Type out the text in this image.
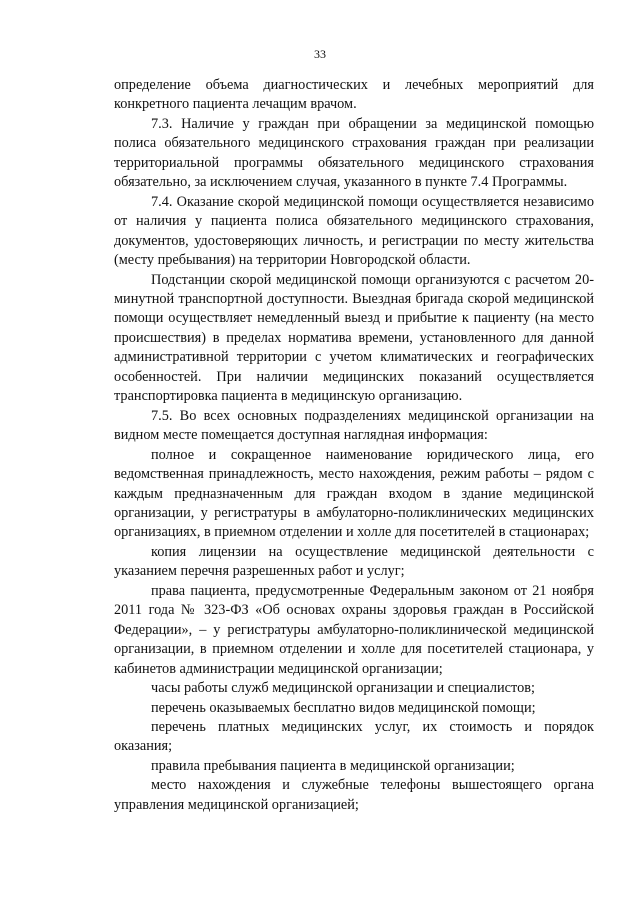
33

определение объема диагностических и лечебных мероприятий для конкретного пациента лечащим врачом.

7.3. Наличие у граждан при обращении за медицинской помощью полиса обязательного медицинского страхования граждан при реализации территориальной программы обязательного медицинского страхования обязательно, за исключением случая, указанного в пункте 7.4 Программы.

7.4. Оказание скорой медицинской помощи осуществляется независимо от наличия у пациента полиса обязательного медицинского страхования, документов, удостоверяющих личность, и регистрации по месту жительства (месту пребывания) на территории Новгородской области.

Подстанции скорой медицинской помощи организуются с расчетом 20-минутной транспортной доступности. Выездная бригада скорой медицинской помощи осуществляет немедленный выезд и прибытие к пациенту (на место происшествия) в пределах норматива времени, установленного для данной административной территории с учетом климатических и географических особенностей. При наличии медицинских показаний осуществляется транспортировка пациента в медицинскую организацию.

7.5. Во всех основных подразделениях медицинской организации на видном месте помещается доступная наглядная информация:

полное и сокращенное наименование юридического лица, его ведомственная принадлежность, место нахождения, режим работы – рядом с каждым предназначенным для граждан входом в здание медицинской организации, у регистратуры в амбулаторно-поликлинических медицинских организациях, в приемном отделении и холле для посетителей в стационарах;

копия лицензии на осуществление медицинской деятельности с указанием перечня разрешенных работ и услуг;

права пациента, предусмотренные Федеральным законом от 21 ноября 2011 года № 323-ФЗ «Об основах охраны здоровья граждан в Российской Федерации», – у регистратуры амбулаторно-поликлинической медицинской организации, в приемном отделении и холле для посетителей стационара, у кабинетов администрации медицинской организации;

часы работы служб медицинской организации и специалистов;

перечень оказываемых бесплатно видов медицинской помощи;

перечень платных медицинских услуг, их стоимость и порядок оказания;

правила пребывания пациента в медицинской организации;

место нахождения и служебные телефоны вышестоящего органа управления медицинской организацией;
